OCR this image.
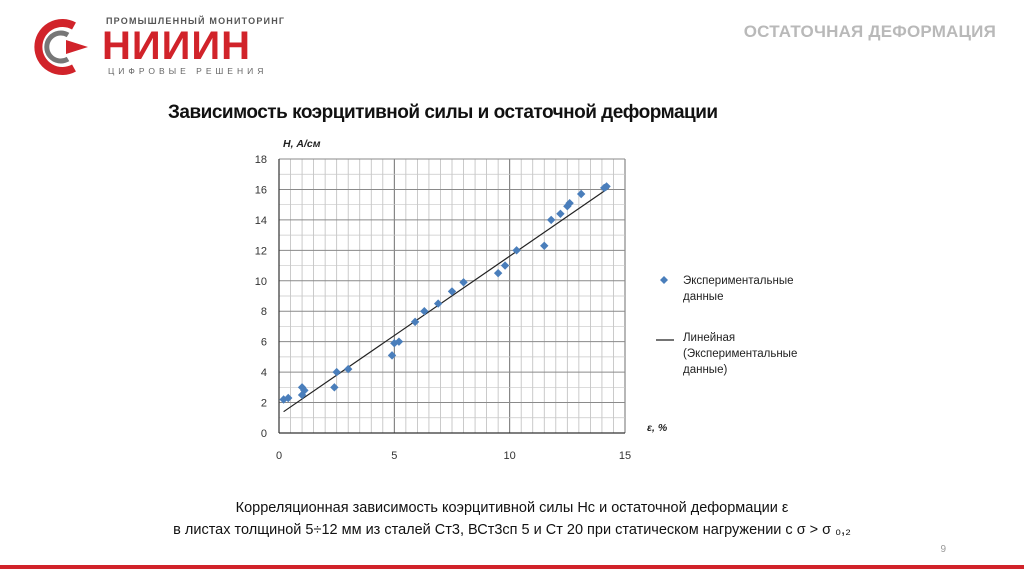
ПРОМЫШЛЕННЫЙ МОНИТОРИНГ
НИИИН
ЦИФРОВЫЕ РЕШЕНИЯ
ОСТАТОЧНАЯ ДЕФОРМАЦИЯ
Зависимость коэрцитивной силы и остаточной деформации
0
2
4
6
8
10
12
14
16
18
0	5	10	15
Н, А/см
ε, %
Экспериментальные
данные
Линейная
(Экспериментальные
данные)
Корреляционная зависимость коэрцитивной силы Нс и остаточной деформации ε
в листах толщиной 5÷12 мм из сталей Ст3, ВСт3сп 5 и Ст 20 при статическом нагружении с σ > σ ₀,₂
9
